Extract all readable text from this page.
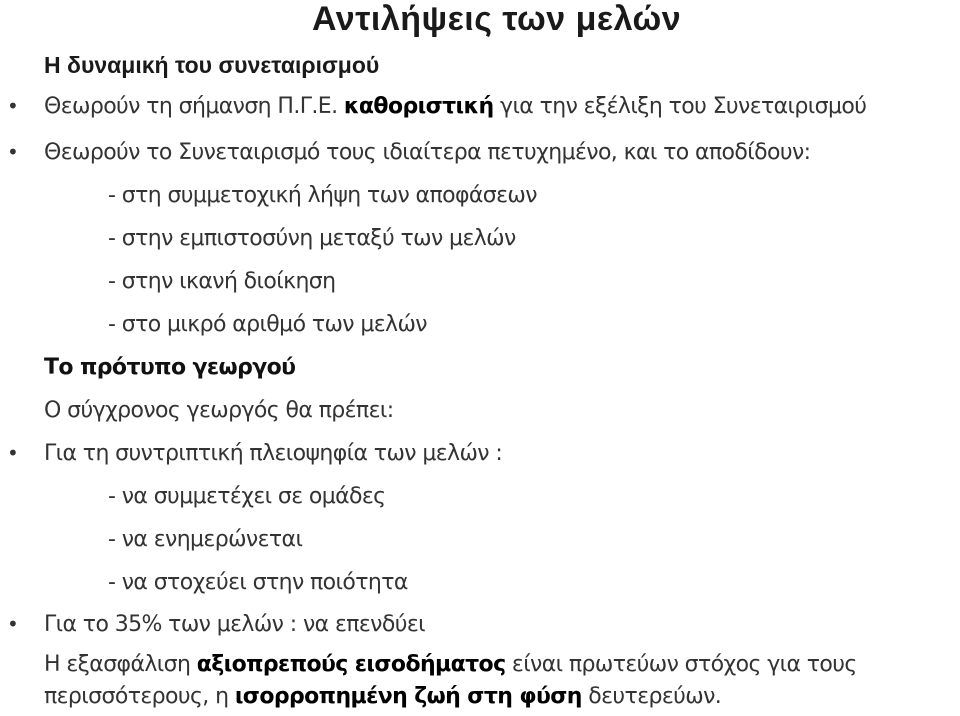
Αντιλήψεις των μελών
Η δυναμική του συνεταιρισμού
• Θεωρούν τη σήμανση Π.Γ.Ε. καθοριστική για την εξέλιξη του Συνεταιρισμού
• Θεωρούν το Συνεταιρισμό τους ιδιαίτερα πετυχημένο, και το αποδίδουν:
- στη συμμετοχική λήψη των αποφάσεων
- στην εμπιστοσύνη μεταξύ των μελών
- στην ικανή διοίκηση
- στο μικρό αριθμό των μελών
Το πρότυπο γεωργού
Ο σύγχρονος γεωργός θα πρέπει:
• Για τη συντριπτική πλειοψηφία των μελών :
- να συμμετέχει σε ομάδες
- να ενημερώνεται
- να στοχεύει στην ποιότητα
• Για το 35% των μελών : να επενδύει
Η εξασφάλιση αξιοπρεπούς εισοδήματος είναι πρωτεύων στόχος για τους
περισσότερους, η ισορροπημένη ζωή στη φύση δευτερεύων.
